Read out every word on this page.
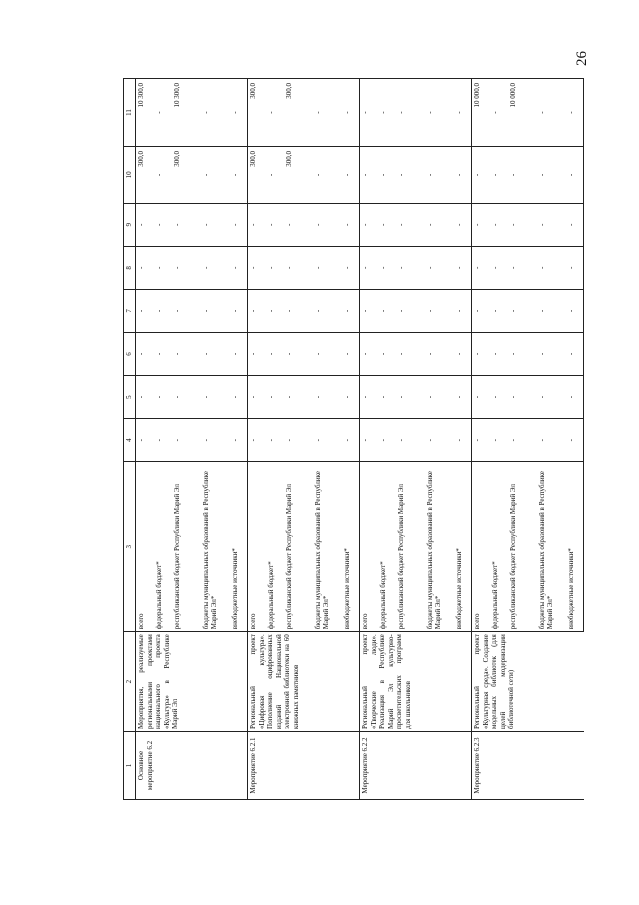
26
1	2	3	4	5	6	7	8	9	10	11
Основное мероприятие 6.2	Мероприятия, реализуемые региональными проектами национального проекта «Культура» в Республике Марий Эл	всего	-	-	-	-	-	-	300,0	10 300,0
		федеральный бюджет*	-	-	-	-	-	-	-	-
		республиканский бюджет Республики Марий Эл	-	-	-	-	-	-	300,0	10 300,0
		бюджеты муниципальных образований в Республике Марий Эл*	-	-	-	-	-	-	-	-
		внебюджетные источники*	-	-	-	-	-	-	-	-
Мероприятие 6.2.1	Региональный проект «Цифровая культура». Пополнение оцифрованных изданий Национальной электронной библиотеки на 60 книжных памятников	всего	-	-	-	-	-	-	300,0	300,0
		федеральный бюджет*	-	-	-	-	-	-	-	-
		республиканский бюджет Республики Марий Эл	-	-	-	-	-	-	300,0	300,0
		бюджеты муниципальных образований в Республике Марий Эл*	-	-	-	-	-	-	-	-
		внебюджетные источники*	-	-	-	-	-	-	-	-
Мероприятие 6.2.2	Региональный проект «Творческие люди». Реализация в Республике Марий Эл культурно-просветительских программ для школьников	всего	-	-	-	-	-	-	-	-
		федеральный бюджет*	-	-	-	-	-	-	-	-
		республиканский бюджет Республики Марий Эл	-	-	-	-	-	-	-	-
		бюджеты муниципальных образований в Республике Марий Эл*	-	-	-	-	-	-	-	-
		внебюджетные источники*	-	-	-	-	-	-	-	-
Мероприятие 6.2.3	Региональный проект «Культурная среда». Создание модельных библиотек (для целей модернизации библиотечной сети)	всего	-	-	-	-	-	-	-	10 000,0
		федеральный бюджет*	-	-	-	-	-	-	-	-
		республиканский бюджет Республики Марий Эл	-	-	-	-	-	-	-	10 000,0
		бюджеты муниципальных образований в Республике Марий Эл*	-	-	-	-	-	-	-	-
		внебюджетные источники*	-	-	-	-	-	-	-	-
